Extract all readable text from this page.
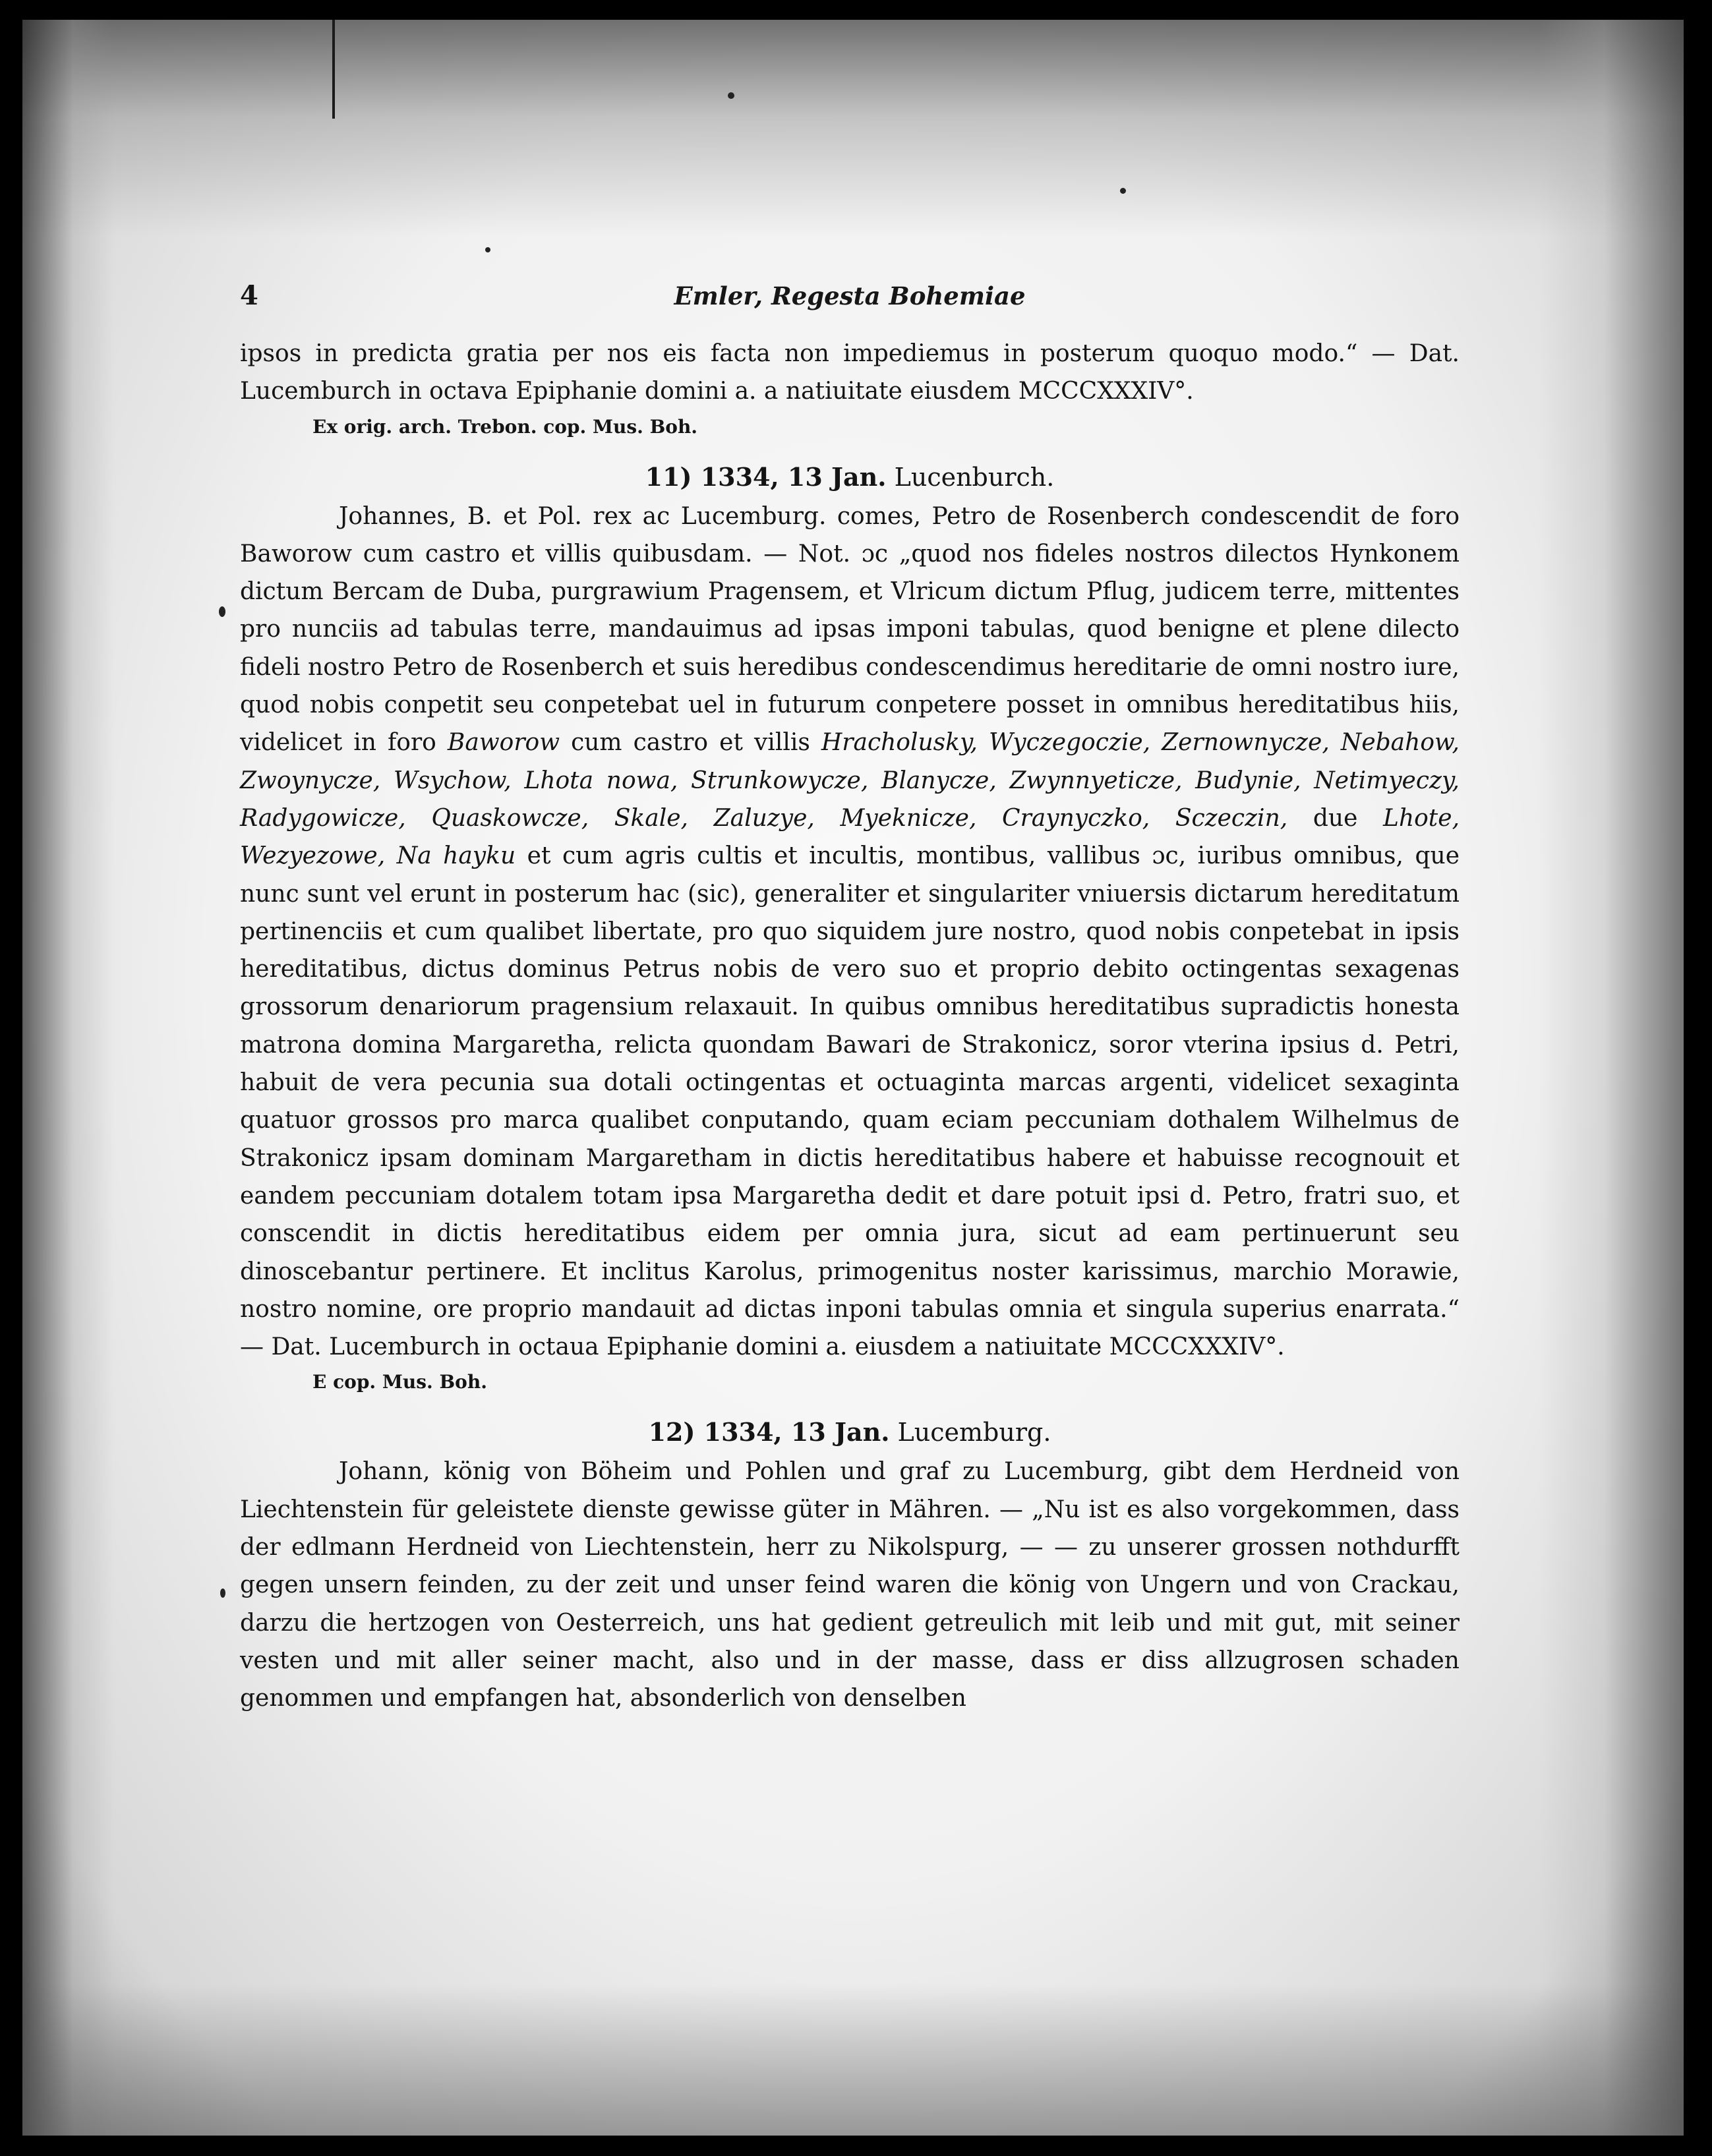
4	Emler, Regesta Bohemiae

ipsos in predicta gratia per nos eis facta non impediemus in posterum quoquo modo.“ — Dat. Lucemburch in octava Epiphanie domini a. a natiuitate eiusdem MCCCXXXIV°.

Ex orig. arch. Trebon. cop. Mus. Boh.

11) 1334, 13 Jan. Lucenburch.

Johannes, B. et Pol. rex ac Lucemburg. comes, Petro de Rosenberch condescendit de foro Baworow cum castro et villis quibusdam. — Not. ɔc „quod nos fideles nostros dilectos Hynkonem dictum Bercam de Duba, purgrawium Pragensem, et Vlricum dictum Pflug, judicem terre, mittentes pro nunciis ad tabulas terre, mandauimus ad ipsas imponi tabulas, quod benigne et plene dilecto fideli nostro Petro de Rosenberch et suis heredibus condescendimus hereditarie de omni nostro iure, quod nobis conpetit seu conpetebat uel in futurum conpetere posset in omnibus hereditatibus hiis, videlicet in foro Baworow cum castro et villis Hracholusky, Wyczegoczie, Zernownycze, Nebahow, Zwoynycze, Wsychow, Lhota nowa, Strunkowycze, Blanycze, Zwynnyeticze, Budynie, Netimyeczy, Radygowicze, Quaskowcze, Skale, Zaluzye, Myeknicze, Craynyczko, Sczeczin, due Lhote, Wezyezowe, Na hayku et cum agris cultis et incultis, montibus, vallibus ɔc, iuribus omnibus, que nunc sunt vel erunt in posterum hac (sic), generaliter et singulariter vniuersis dictarum hereditatum pertinenciis et cum qualibet libertate, pro quo siquidem jure nostro, quod nobis conpetebat in ipsis hereditatibus, dictus dominus Petrus nobis de vero suo et proprio debito octingentas sexagenas grossorum denariorum pragensium relaxauit. In quibus omnibus hereditatibus supradictis honesta matrona domina Margaretha, relicta quondam Bawari de Strakonicz, soror vterina ipsius d. Petri, habuit de vera pecunia sua dotali octingentas et octuaginta marcas argenti, videlicet sexaginta quatuor grossos pro marca qualibet conputando, quam eciam peccuniam dothalem Wilhelmus de Strakonicz ipsam dominam Margaretham in dictis hereditatibus habere et habuisse recognouit et eandem peccuniam dotalem totam ipsa Margaretha dedit et dare potuit ipsi d. Petro, fratri suo, et conscendit in dictis hereditatibus eidem per omnia jura, sicut ad eam pertinuerunt seu dinoscebantur pertinere. Et inclitus Karolus, primogenitus noster karissimus, marchio Morawie, nostro nomine, ore proprio mandauit ad dictas inponi tabulas omnia et singula superius enarrata.“ — Dat. Lucemburch in octaua Epiphanie domini a. eiusdem a natiuitate MCCCXXXIV°.

E cop. Mus. Boh.

12) 1334, 13 Jan. Lucemburg.

Johann, könig von Böheim und Pohlen und graf zu Lucemburg, gibt dem Herdneid von Liechtenstein für geleistete dienste gewisse güter in Mähren. — „Nu ist es also vorgekommen, dass der edlmann Herdneid von Liechtenstein, herr zu Nikolspurg, — — zu unserer grossen nothdurfft gegen unsern feinden, zu der zeit und unser feind waren die könig von Ungern und von Crackau, darzu die hertzogen von Oesterreich, uns hat gedient getreulich mit leib und mit gut, mit seiner vesten und mit aller seiner macht, also und in der masse, dass er diss allzugrosen schaden genommen und empfangen hat, absonderlich von denselben
